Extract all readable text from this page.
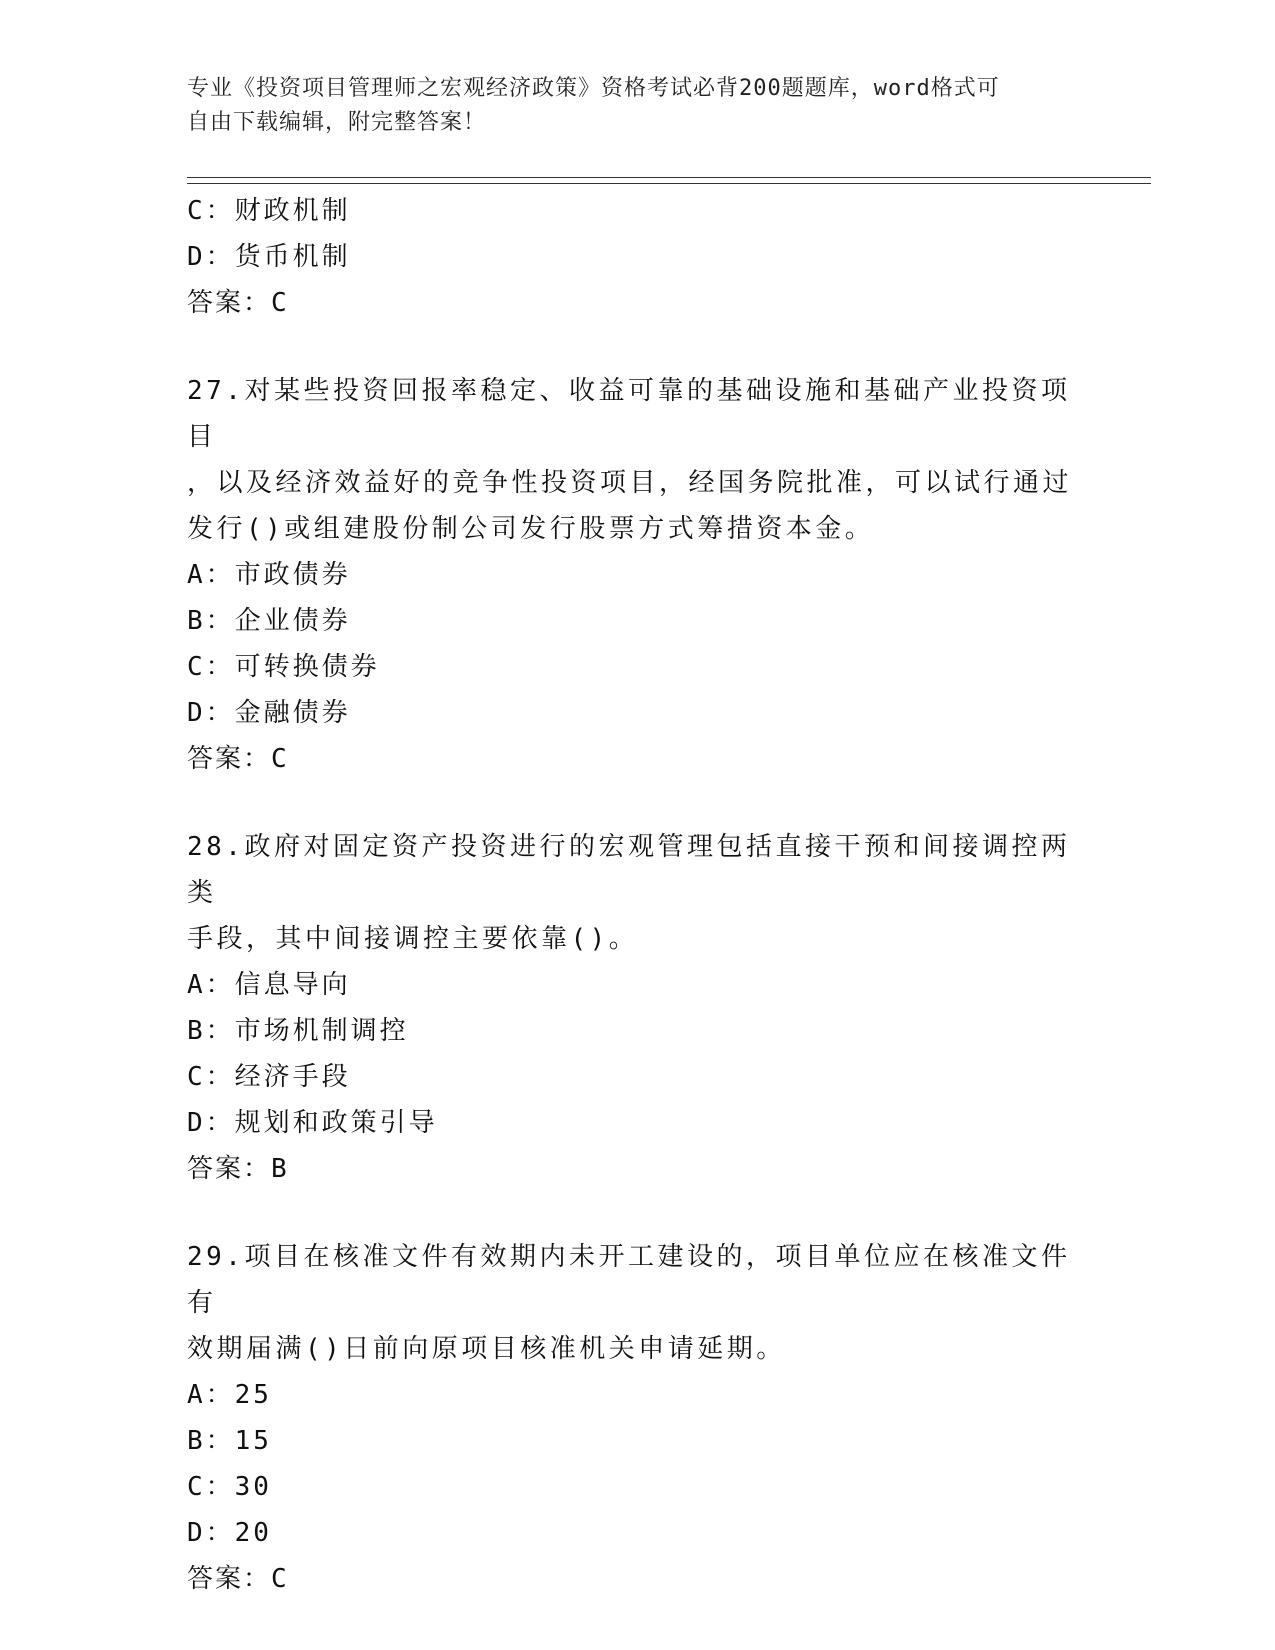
专业《投资项目管理师之宏观经济政策》资格考试必背200题题库，word格式可
自由下载编辑，附完整答案！
C：财政机制
D：货币机制
答案：C
27.对某些投资回报率稳定、收益可靠的基础设施和基础产业投资项目
，以及经济效益好的竞争性投资项目，经国务院批准，可以试行通过
发行()或组建股份制公司发行股票方式筹措资本金。
A：市政债券
B：企业债券
C：可转换债券
D：金融债券
答案：C
28.政府对固定资产投资进行的宏观管理包括直接干预和间接调控两类
手段，其中间接调控主要依靠()。
A：信息导向
B：市场机制调控
C：经济手段
D：规划和政策引导
答案：B
29.项目在核准文件有效期内未开工建设的，项目单位应在核准文件有
效期届满()日前向原项目核准机关申请延期。
A：25
B：15
C：30
D：20
答案：C
